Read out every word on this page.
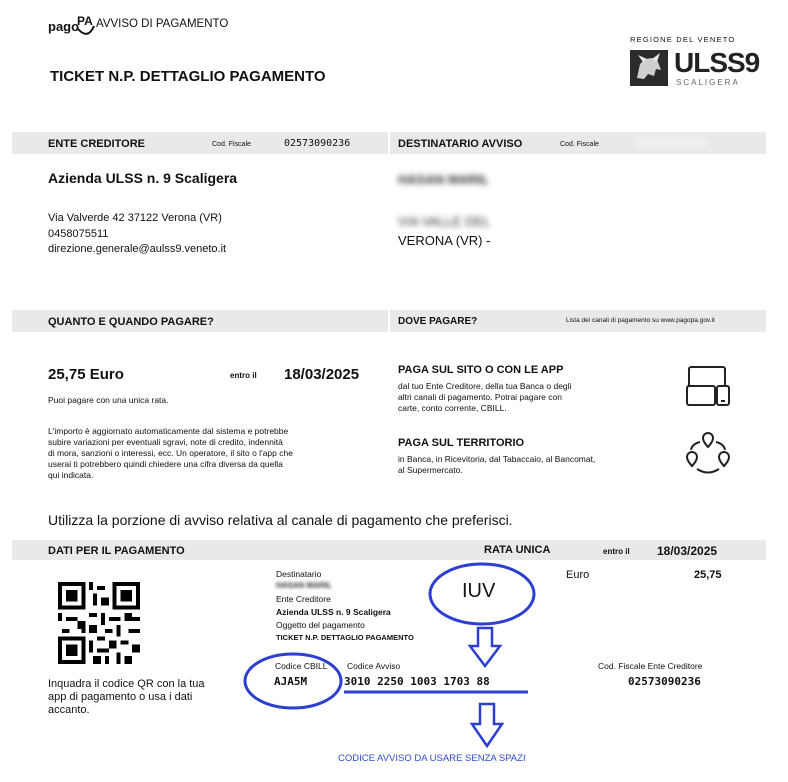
pago
PA AVVISO DI PAGAMENTO
TICKET N.P. DETTAGLIO PAGAMENTO
REGIONE DEL VENETO
ULSS9
SCALIGERA
ENTE CREDITORE	Cod. Fiscale	02573090236	DESTINATARIO AVVISO	Cod. Fiscale
Azienda ULSS n. 9 Scaligera
Via Valverde 42 37122 Verona (VR)
0458075511
direzione.generale@aulss9.veneto.it
HASAN MARIL
VIA VALLE DEL
VERONA (VR) -
QUANTO E QUANDO PAGARE?	DOVE PAGARE?	Lista dei canali di pagamento su www.pagopa.gov.it
25,75 Euro	entro il 18/03/2025
Puoi pagare con una unica rata.
L'importo è aggiornato automaticamente dal sistema e potrebbe
subire variazioni per eventuali sgravi, note di credito, indennità
di mora, sanzioni o interessi, ecc. Un operatore, il sito o l'app che
userai ti potrebbero quindi chiedere una cifra diversa da quella
qui indicata.
PAGA SUL SITO O CON LE APP
dal tuo Ente Creditore, della tua Banca o degli
altri canali di pagamento. Potrai pagare con
carte, conto corrente, CBILL.
PAGA SUL TERRITORIO
in Banca, in Ricevitoria, dal Tabaccaio, al Bancomat,
al Supermercato.
Utilizza la porzione di avviso relativa al canale di pagamento che preferisci.
DATI PER IL PAGAMENTO	RATA UNICA	entro il 18/03/2025
Inquadra il codice QR con la tua
app di pagamento o usa i dati
accanto.
Destinatario
HASAN MARIL
Ente Creditore
Azienda ULSS n. 9 Scaligera
Oggetto del pagamento
TICKET N.P. DETTAGLIO PAGAMENTO
Euro	25,75
Codice CBILL
AJA5M
Codice Avviso
3010 2250 1003 1703 88
Cod. Fiscale Ente Creditore
02573090236
IUV
CODICE AVVISO DA USARE SENZA SPAZI
